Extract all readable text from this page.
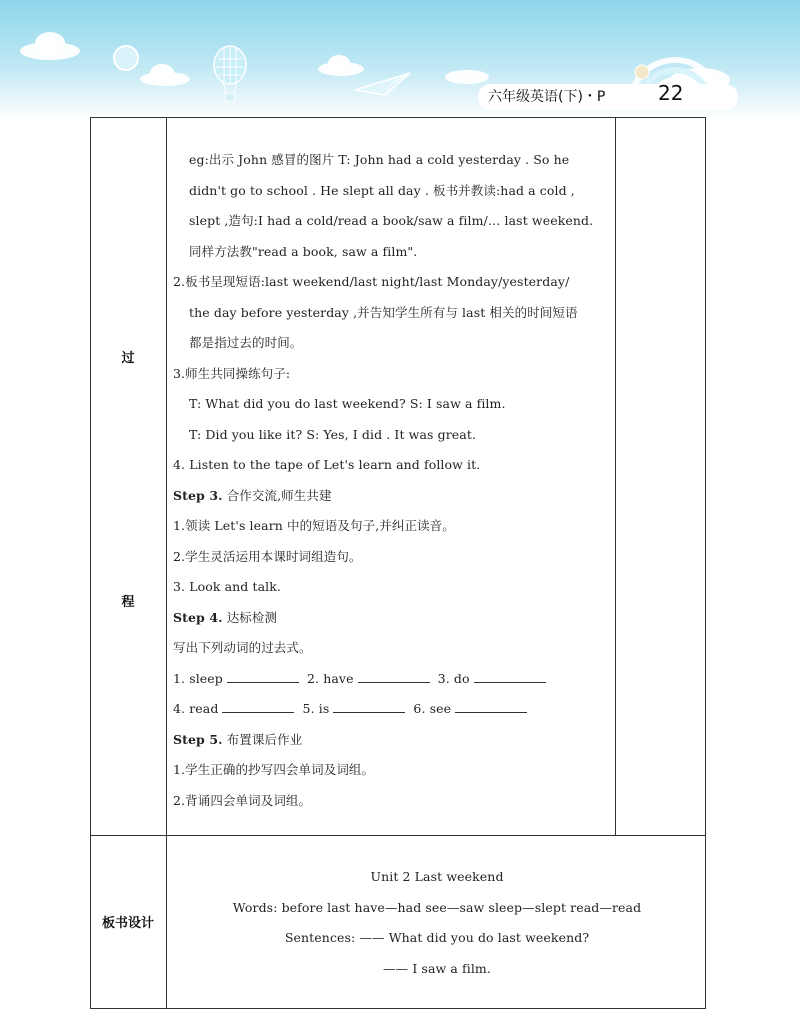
六年级英语(下)・P	22
过
程
板书设计
eg:出示 John 感冒的图片 T: John had a cold yesterday . So he
didn't go to school . He slept all day . 板书并教读:had a cold ,
slept ,造句:I had a cold/read a book/saw a film/… last weekend.
同样方法教"read a book, saw a film".
2.板书呈现短语:last weekend/last night/last Monday/yesterday/
the day before yesterday ,并告知学生所有与 last 相关的时间短语
都是指过去的时间。
3.师生共同操练句子:
T: What did you do last weekend? S: I saw a film.
T: Did you like it? S: Yes, I did . It was great.
4. Listen to the tape of Let's learn and follow it.
Step 3. 合作交流,师生共建
1.领读 Let's learn 中的短语及句子,并纠正读音。
2.学生灵活运用本课时词组造句。
3. Look and talk.
Step 4. 达标检测
写出下列动词的过去式。
1. sleep	2. have	3. do
4. read	5. is	6. see
Step 5. 布置课后作业
1.学生正确的抄写四会单词及词组。
2.背诵四会单词及词组。
Unit 2 Last weekend
Words: before last have—had see—saw sleep—slept read—read
Sentences: —— What did you do last weekend?
—— I saw a film.
